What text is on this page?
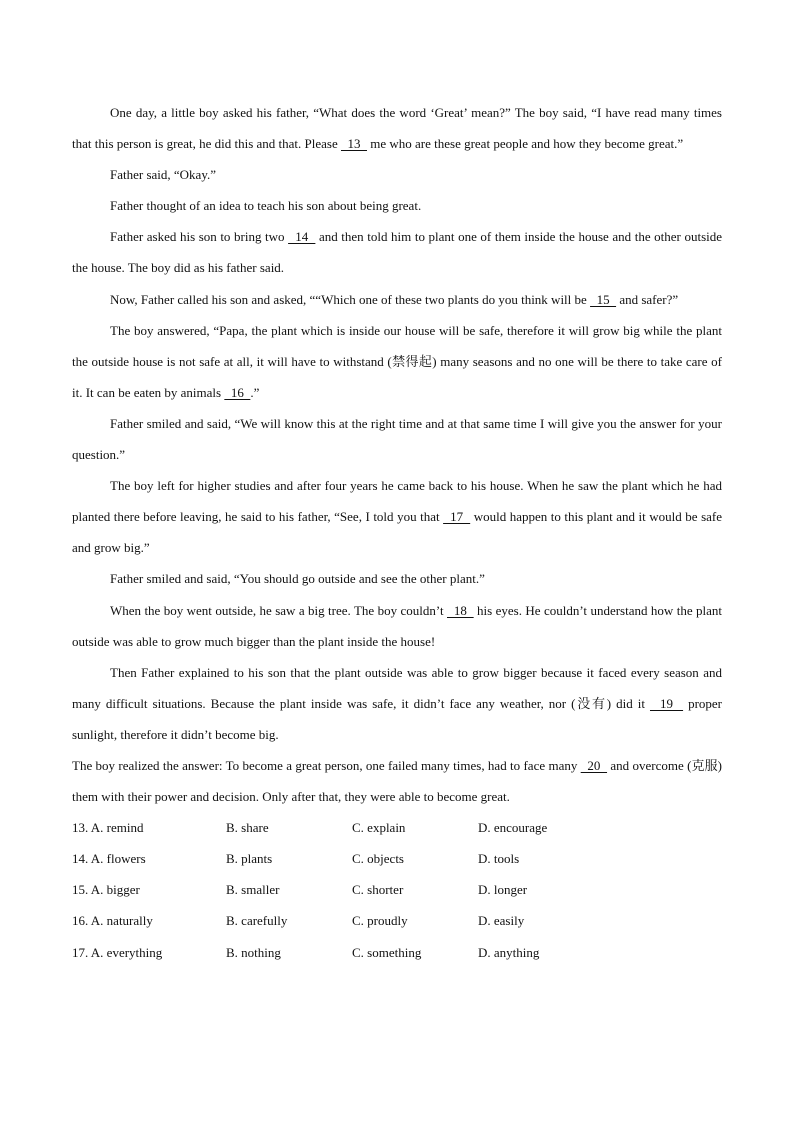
One day, a little boy asked his father, “What does the word ‘Great’ mean?” The boy said, “I have read many times that this person is great, he did this and that. Please   13   me who are these great people and how they become great.”

Father said, “Okay.”

Father thought of an idea to teach his son about being great.

Father asked his son to bring two   14   and then told him to plant one of them inside the house and the other outside the house. The boy did as his father said.

Now, Father called his son and asked, ““Which one of these two plants do you think will be   15   and safer?”

The boy answered, “Papa, the plant which is inside our house will be safe, therefore it will grow big while the plant the outside house is not safe at all, it will have to withstand (禁得起) many seasons and no one will be there to take care of it. It can be eaten by animals   16  .”

Father smiled and said, “We will know this at the right time and at that same time I will give you the answer for your question.”

The boy left for higher studies and after four years he came back to his house. When he saw the plant which he had planted there before leaving, he said to his father, “See, I told you that   17   would happen to this plant and it would be safe and grow big.”

Father smiled and said, “You should go outside and see the other plant.”

When the boy went outside, he saw a big tree. The boy couldn’t   18   his eyes. He couldn’t understand how the plant outside was able to grow much bigger than the plant inside the house!

Then Father explained to his son that the plant outside was able to grow bigger because it faced every season and many difficult situations. Because the plant inside was safe, it didn’t face any weather, nor (没有) did it   19   proper sunlight, therefore it didn’t become big.

The boy realized the answer: To become a great person, one failed many times, had to face many   20   and overcome (克服) them with their power and decision. Only after that, they were able to become great.

13. A. remind	B. share	C. explain	D. encourage
14. A. flowers	B. plants	C. objects	D. tools
15. A. bigger	B. smaller	C. shorter	D. longer
16. A. naturally	B. carefully	C. proudly	D. easily
17. A. everything	B. nothing	C. something	D. anything
